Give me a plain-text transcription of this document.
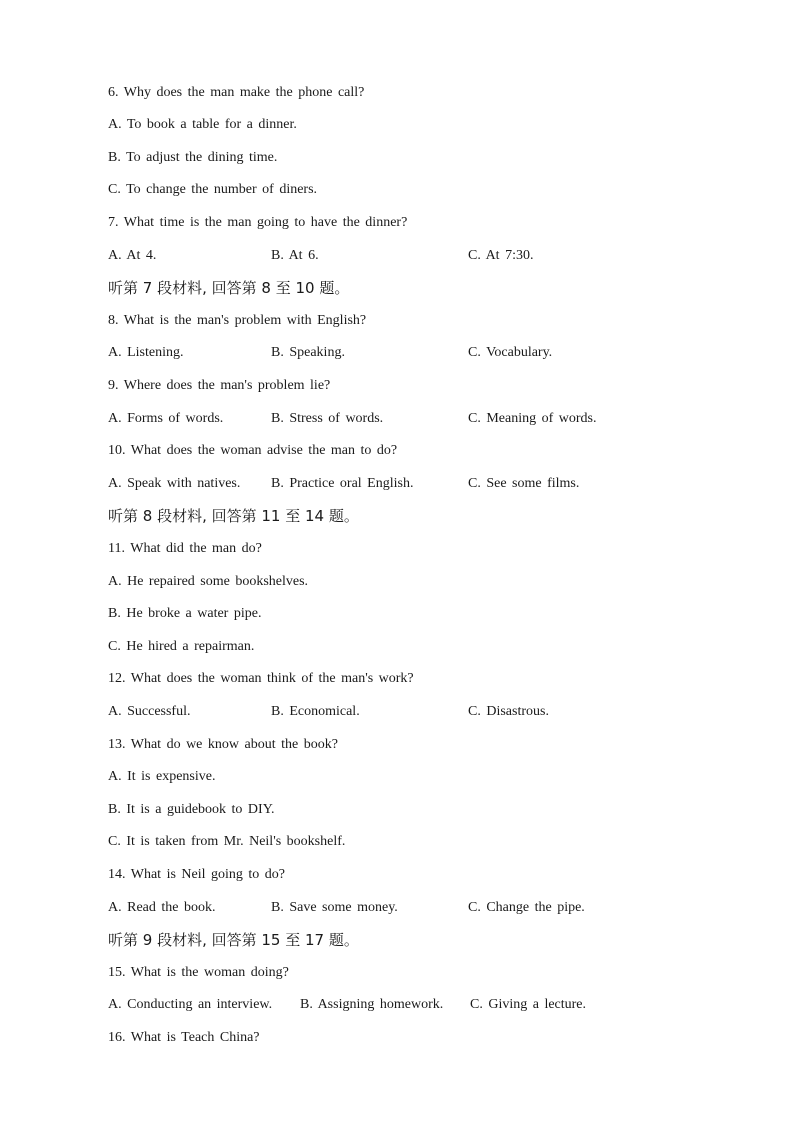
6. Why does the man make the phone call?
A. To book a table for a dinner.
B. To adjust the dining time.
C. To change the number of diners.
7. What time is the man going to have the dinner?
A. At 4.	B. At 6.	C. At 7:30.
听第 7 段材料, 回答第 8 至 10 题。
8. What is the man's problem with English?
A. Listening.	B. Speaking.	C. Vocabulary.
9. Where does the man's problem lie?
A. Forms of words.	B. Stress of words.	C. Meaning of words.
10. What does the woman advise the man to do?
A. Speak with natives. B. Practice oral English.	C. See some films.
听第 8 段材料, 回答第 11 至 14 题。
11. What did the man do?
A. He repaired some bookshelves.
B. He broke a water pipe.
C. He hired a repairman.
12. What does the woman think of the man's work?
A. Successful.	B. Economical.	C. Disastrous.
13. What do we know about the book?
A. It is expensive.
B. It is a guidebook to DIY.
C. It is taken from Mr. Neil's bookshelf.
14. What is Neil going to do?
A. Read the book.	B. Save some money.	C. Change the pipe.
听第 9 段材料, 回答第 15 至 17 题。
15. What is the woman doing?
A. Conducting an interview. B. Assigning homework. C. Giving a lecture.
16. What is Teach China?
